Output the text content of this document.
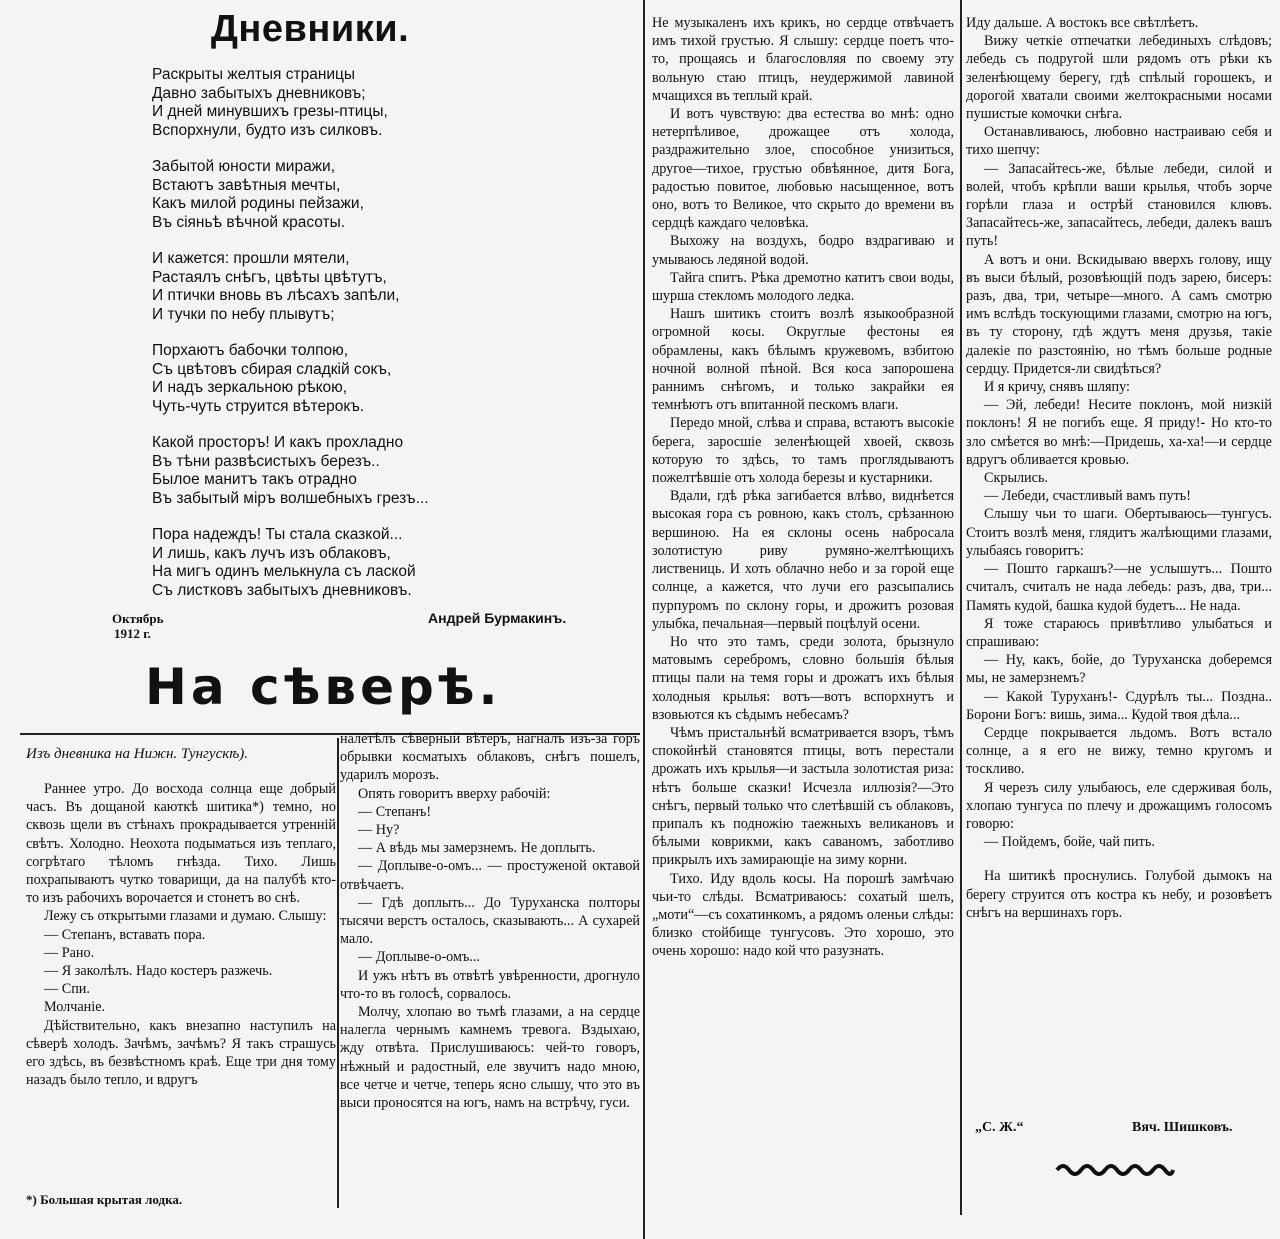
Дневники.
Раскрыты желтыя страницы
Давно забытыхъ дневниковъ;
И дней минувшихъ грезы-птицы,
Вспорхнули, будто изъ силковъ.
Забытой юности миражи,
Встаютъ завѣтныя мечты,
Какъ милой родины пейзажи,
Въ сіяньѣ вѣчной красоты.
И кажется: прошли мятели,
Растаялъ снѣгъ, цвѣты цвѣтутъ,
И птички вновь въ лѣсахъ запѣли,
И тучки по небу плывутъ;
Порхаютъ бабочки толпою,
Съ цвѣтовъ сбирая сладкій сокъ,
И надъ зеркальною рѣкою,
Чуть-чуть струится вѣтерокъ.
Какой просторъ! И какъ прохладно
Въ тѣни развѣсистыхъ березъ..
Былое манитъ такъ отрадно
Въ забытый міръ волшебныхъ грезъ...
Пора надеждъ! Ты стала сказкой...
И лишь, какъ лучъ изъ облаковъ,
На мигъ одинъ мелькнула съ лаской
Съ листковъ забытыхъ дневниковъ.
Октябрь
1912 г.
Андрей Бурмакинъ.
На сѣверѣ.
Изъ дневника на Нижн. Тунгускѣ).

Раннее утро. До восхода солнца еще добрый часъ. Въ дощаной каюткѣ шитика*) темно, но сквозь щели въ стѣнахъ прокрадывается утренній свѣтъ. Холодно. Неохота подыматься изъ теплаго, согрѣтаго тѣломъ гнѣзда. Тихо. Лишь похрапываютъ чутко товарищи, да на палубѣ кто-то изъ рабочихъ ворочается и стонетъ во снѣ.

Лежу съ открытыми глазами и думаю. Слышу:

— Степанъ, вставать пора.

— Рано.

— Я заколѣлъ. Надо костеръ разжечь.

— Спи.

Молчаніе.

Дѣйствительно, какъ внезапно наступилъ на сѣверѣ холодъ. Зачѣмъ, зачѣмъ? Я такъ страшусь его здѣсь, въ безвѣстномъ краѣ. Еще три дня тому назадъ было тепло, и вдругъ

*) Большая крытая лодка.

налетѣлъ сѣверный вѣтеръ, нагналъ изъ-за горъ обрывки косматыхъ облаковъ, снѣгъ пошелъ, ударилъ морозъ.

Опять говоритъ вверху рабочій:

— Степанъ!

— Ну?

— А вѣдь мы замерзнемъ. Не доплыть.

— Доплыве-о-омъ... — простуженой октавой отвѣчаетъ.

— Гдѣ доплыть... До Туруханска полторы тысячи верстъ осталось, сказывають... А сухарей мало.

— Доплыве-о-омъ...

И ужъ нѣтъ въ отвѣтѣ увѣренности, дрогнуло что-то въ голосѣ, сорвалось.

Молчу, хлопаю во тьмѣ глазами, а на сердце налегла чернымъ камнемъ тревога. Вздыхаю, жду отвѣта. Прислушиваюсь: чей-то говоръ, нѣжный и радостный, еле звучитъ надо мною, все четче и четче, теперь ясно слышу, что это въ выси проносятся на югъ, намъ на встрѣчу, гуси.

Не музыкаленъ ихъ крикъ, но сердце отвѣчаетъ имъ тихой грустью. Я слышу: сердце поетъ что-то, прощаясь и благословляя по своему эту вольную стаю птицъ, неудержимой лавиной мчащихся въ теплый край.

И вотъ чувствую: два естества во мнѣ: одно нетерпѣливое, дрожащее отъ холода, раздражительно злое, способное унизиться, другое—тихое, грустью обвѣянное, дитя Бога, радостью повитое, любовью насыщенное, вотъ оно, вотъ то Великое, что скрыто до времени въ сердцѣ каждаго человѣка.

Выхожу на воздухъ, бодро вздрагиваю и умываюсь ледяной водой.

Тайга спитъ. Рѣка дремотно катитъ свои воды, шурша стекломъ молодого ледка.

Нашъ шитикъ стоитъ возлѣ языкообразной огромной косы. Округлые фестоны ея обрамлены, какъ бѣлымъ кружевомъ, взбитою ночной волной пѣной. Вся коса запорошена раннимъ снѣгомъ, и только закрайки ея темнѣютъ отъ впитанной пескомъ влаги.

Передо мной, слѣва и справа, встаютъ высокіе берега, заросшіе зеленѣющей хвоей, сквозь которую то здѣсь, то тамъ проглядываютъ пожелтѣвшіе отъ холода березы и кустарники.

Вдали, гдѣ рѣка загибается влѣво, виднѣется высокая гора съ ровною, какъ столъ, срѣзанною вершиною. На ея склоны осень набросала золотистую риву румяно-желтѣющихъ листвениць. И хоть облачно небо и за горой еще солнце, а кажется, что лучи его разсыпались пурпуромъ по склону горы, и дрожитъ розовая улыбка, печальная—первый поцѣлуй осени.

Но что это тамъ, среди золота, брызнуло матовымъ серебромъ, словно большія бѣлыя птицы пали на темя горы и дрожатъ ихъ бѣлыя холодныя крылья: вотъ—вотъ вспорхнутъ и взовьются къ сѣдымъ небесамъ?

Чѣмъ пристальнѣй всматривается взоръ, тѣмъ спокойнѣй становятся птицы, вотъ перестали дрожать ихъ крылья—и застыла золотистая риза: нѣтъ больше сказки! Исчезла иллюзія?—Это снѣгъ, первый только что слетѣвшій съ облаковъ, припалъ къ подножію таежныхъ великановъ и бѣлыми коврикми, какъ саваномъ, заботливо прикрылъ ихъ замирающіе на зиму корни.

Тихо. Иду вдоль косы. На порошѣ замѣчаю чьи-то слѣды. Всматриваюсь: сохатый шелъ, „моти“—съ сохатинкомъ, а рядомъ оленьи слѣды: близко стойбище тунгусовъ. Это хорошо, это очень хорошо: надо кой что разузнать.

Иду дальше. А востокъ все свѣтлѣетъ.

Вижу четкіе отпечатки лебединыхъ слѣдовъ; лебедь съ подругой шли рядомъ отъ рѣки къ зеленѣющему берегу, гдѣ спѣлый горошекъ, и дорогой хватали своими желтокрасными носами пушистые комочки снѣга.

Останавливаюсь, любовно настраиваю себя и тихо шепчу:

— Запасайтесь-же, бѣлые лебеди, силой и волей, чтобъ крѣпли ваши крылья, чтобъ зорче горѣли глаза и острѣй становился клювъ. Запасайтесь-же, запасайтесь, лебеди, далекъ вашъ путь!

А вотъ и они. Вскидываю вверхъ голову, ищу въ выси бѣлый, розовѣющій подъ зарею, бисеръ: разъ, два, три, четыре—много. А самъ смотрю имъ вслѣдъ тоскующими глазами, смотрю на югъ, въ ту сторону, гдѣ ждутъ меня друзья, такіе далекіе по разстоянію, но тѣмъ больше родные сердцу. Придется-ли свидѣться?

И я кричу, снявъ шляпу:

— Эй, лебеди! Несите поклонъ, мой низкій поклонъ! Я не погибъ еще. Я приду!- Но кто-то зло смѣется во мнѣ:—Придешь, ха-ха!—и сердце вдругъ обливается кровью.

Скрылись.

— Лебеди, счастливый вамъ путь!

Слышу чьи то шаги. Обертываюсь—тунгусъ. Стоитъ возлѣ меня, глядитъ жалѣющими глазами, улыбаясь говоритъ:

— Пошто гаркашъ?—не услышутъ... Пошто считалъ, считалъ не нада лебедь: разъ, два, три... Память кудой, башка кудой будетъ... Не нада.

Я тоже стараюсь привѣтливо улыбаться и спрашиваю:

— Ну, какъ, бойе, до Туруханска доберемся мы, не замерзнемъ?

— Какой Туруханъ!- Сдурѣлъ ты... Поздна.. Борони Богъ: вишь, зима... Кудой твоя дѣла...

Сердце покрывается льдомъ. Вотъ встало солнце, а я его не вижу, темно кругомъ и тоскливо.

Я черезъ силу улыбаюсь, еле сдерживая боль, хлопаю тунгуса по плечу и дрожащимъ голосомъ говорю:

— Пойдемъ, бойе, чай пить.

На шитикѣ проснулись. Голубой дымокъ на берегу струится отъ костра къ небу, и розовѣетъ снѣгъ на вершинахъ горъ.

„С. Ж.“	Вяч. Шишковъ.
